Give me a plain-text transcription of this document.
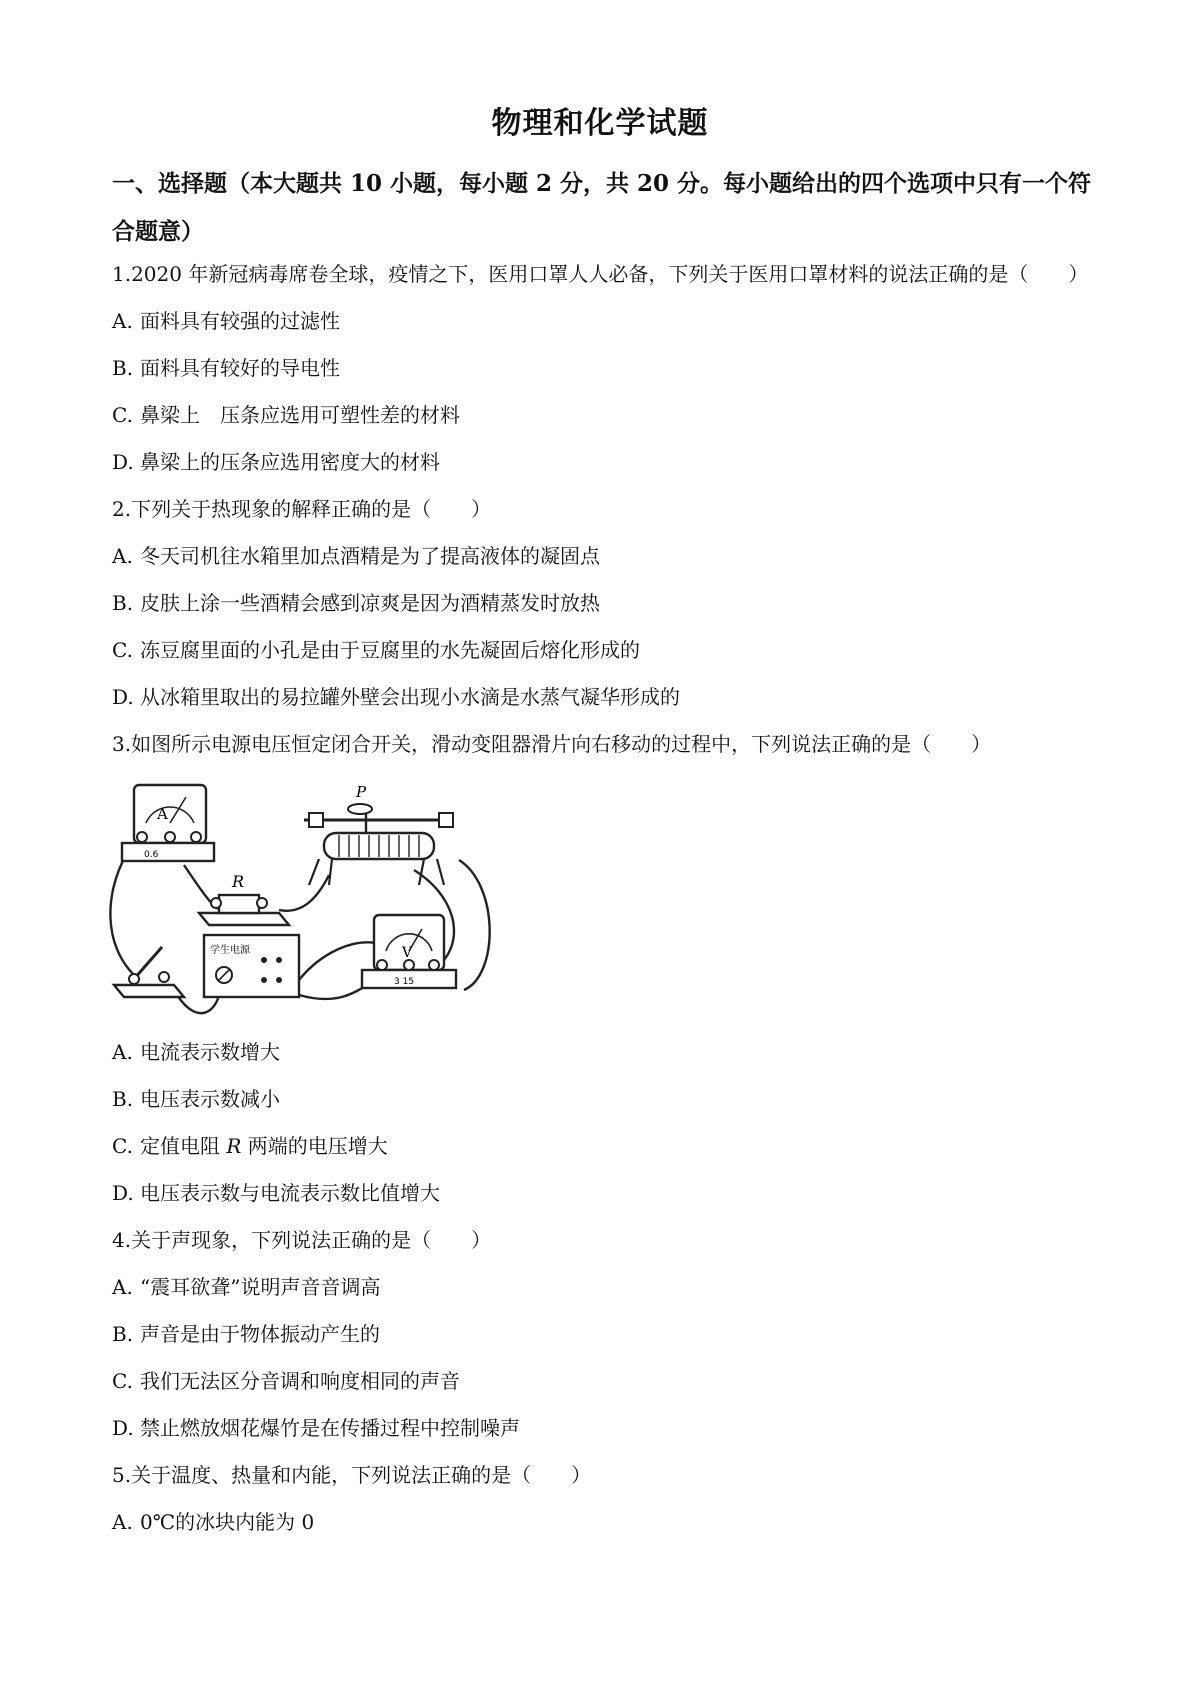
物理和化学试题
一、选择题（本大题共 10 小题，每小题 2 分，共 20 分。每小题给出的四个选项中只有一个符
合题意）
1.2020 年新冠病毒席卷全球，疫情之下，医用口罩人人必备，下列关于医用口罩材料的说法正确的是（　　）
A. 面料具有较强的过滤性
B. 面料具有较好的导电性
C. 鼻梁上　压条应选用可塑性差的材料
D. 鼻梁上的压条应选用密度大的材料
2.下列关于热现象的解释正确的是（　　）
A. 冬天司机往水箱里加点酒精是为了提高液体的凝固点
B. 皮肤上涂一些酒精会感到凉爽是因为酒精蒸发时放热
C. 冻豆腐里面的小孔是由于豆腐里的水先凝固后熔化形成的
D. 从冰箱里取出的易拉罐外壁会出现小水滴是水蒸气凝华形成的
3.如图所示电源电压恒定闭合开关，滑动变阻器滑片向右移动的过程中，下列说法正确的是（　　）
A
0.6
R
P
学生电源	V
3 15
A. 电流表示数增大
B. 电压表示数减小
C. 定值电阻 R 两端的电压增大
D. 电压表示数与电流表示数比值增大
4.关于声现象，下列说法正确的是（　　）
A. “震耳欲聋”说明声音音调高
B. 声音是由于物体振动产生的
C. 我们无法区分音调和响度相同的声音
D. 禁止燃放烟花爆竹是在传播过程中控制噪声
5.关于温度、热量和内能，下列说法正确的是（　　）
A. 0℃的冰块内能为 0
